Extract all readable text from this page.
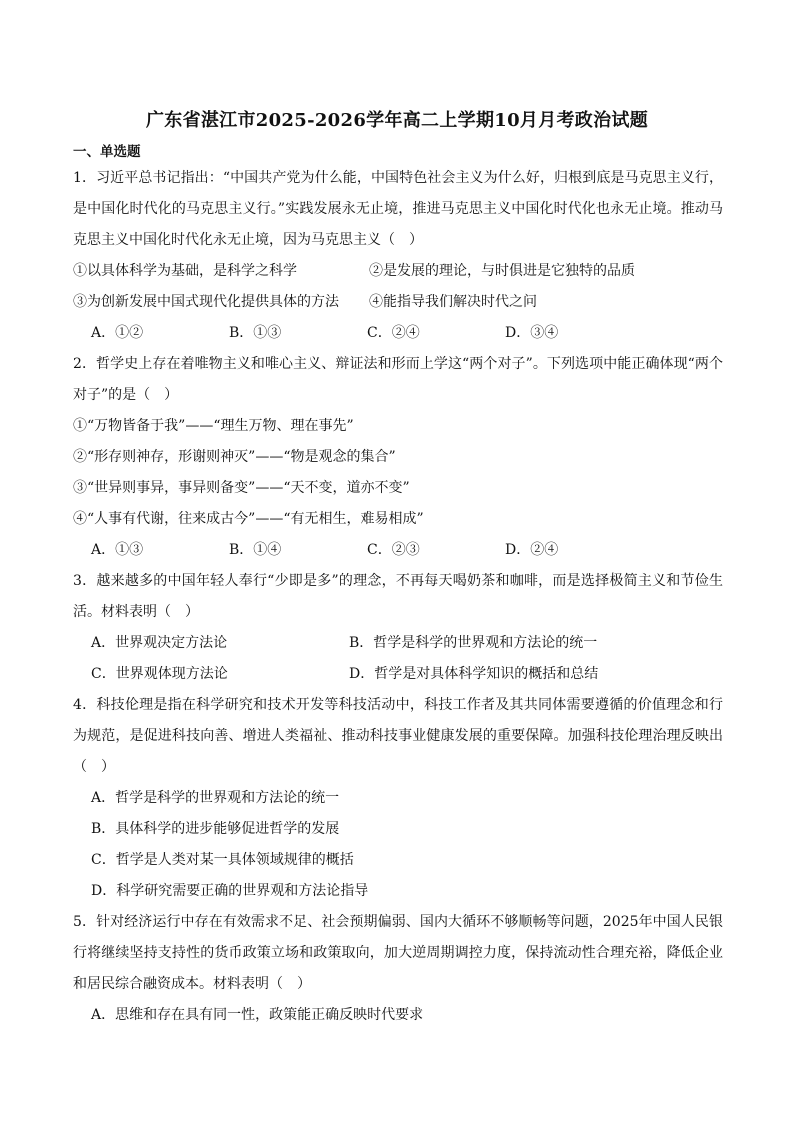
广东省湛江市2025-2026学年高二上学期10月月考政治试题
一、单选题

1．习近平总书记指出：“中国共产党为什么能，中国特色社会主义为什么好，归根到底是马克思主义行，是中国化时代化的马克思主义行。”实践发展永无止境，推进马克思主义中国化时代化也永无止境。推动马克思主义中国化时代化永无止境，因为马克思主义（　）

①以具体科学为基础，是科学之科学	②是发展的理论，与时俱进是它独特的品质
③为创新发展中国式现代化提供具体的方法	④能指导我们解决时代之问
A．①②	B．①③	C．②④	D．③④

2．哲学史上存在着唯物主义和唯心主义、辩证法和形而上学这“两个对子”。下列选项中能正确体现“两个对子”的是（　）

①“万物皆备于我”——“理生万物、理在事先”

②“形存则神存，形谢则神灭”——“物是观念的集合”

③“世异则事异，事异则备变”——“天不变，道亦不变”

④“人事有代谢，往来成古今”——“有无相生，难易相成”

A．①③	B．①④	C．②③	D．②④

3．越来越多的中国年轻人奉行“少即是多”的理念，不再每天喝奶茶和咖啡，而是选择极简主义和节俭生活。材料表明（　）

A．世界观决定方法论	B．哲学是科学的世界观和方法论的统一
C．世界观体现方法论	D．哲学是对具体科学知识的概括和总结

4．科技伦理是指在科学研究和技术开发等科技活动中，科技工作者及其共同体需要遵循的价值理念和行为规范，是促进科技向善、增进人类福祉、推动科技事业健康发展的重要保障。加强科技伦理治理反映出（　）

A．哲学是科学的世界观和方法论的统一

B．具体科学的进步能够促进哲学的发展

C．哲学是人类对某一具体领域规律的概括

D．科学研究需要正确的世界观和方法论指导

5．针对经济运行中存在有效需求不足、社会预期偏弱、国内大循环不够顺畅等问题，2025年中国人民银行将继续坚持支持性的货币政策立场和政策取向，加大逆周期调控力度，保持流动性合理充裕，降低企业和居民综合融资成本。材料表明（　）

A．思维和存在具有同一性，政策能正确反映时代要求
